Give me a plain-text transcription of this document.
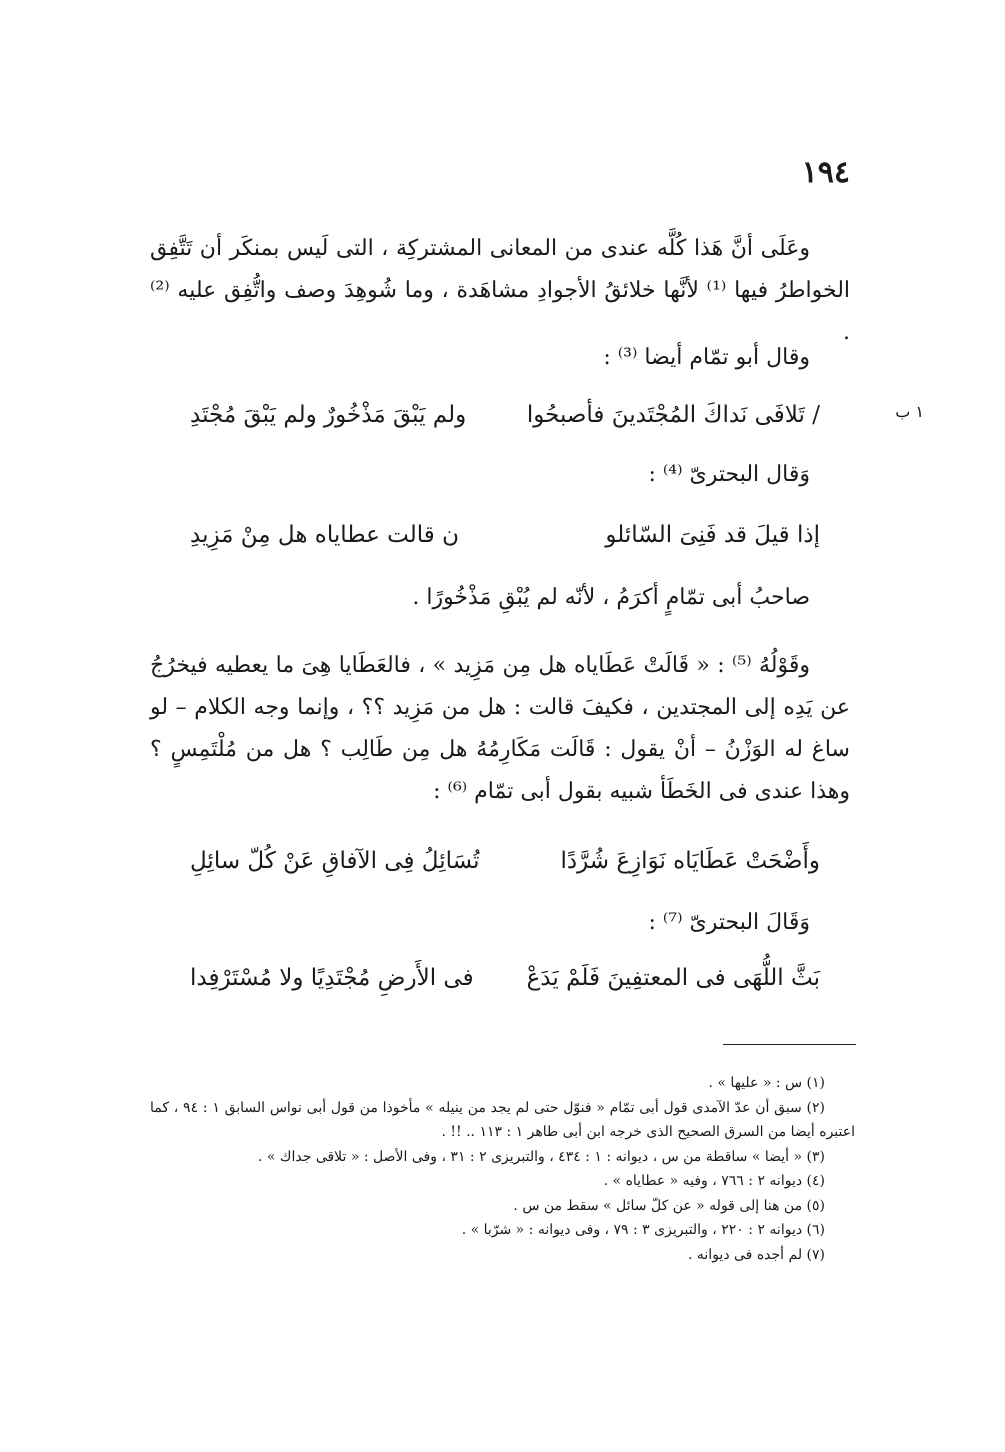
١٩٤
١ ب

وعَلَى أنَّ هَذا كُلَّه عندى من المعانى المشتركِة ، التى لَيس بمنكَر أن تَتَّفِق الخواطرُ فيها ⁽¹⁾ لأنَّها خلائقُ الأجوادِ مشاهَدة ، وما شُوهِدَ وصف واتُّفِق عليه ⁽²⁾ .

وقال أبو تمّام أيضا ⁽³⁾ :
/ تَلافَى نَداكَ المُجْتَدينَ فأصبحُوا
ولم يَبْقَ مَذْخُورٌ ولم يَبْقَ مُجْتَدِ
وَقال البحترىّ ⁽⁴⁾ :
إذا قيلَ قد فَنِىَ السّائلو
ن قالت عطاياه هل مِنْ مَزِيدِ
صاحبُ أبى تمّامٍ أكرَمُ ، لأنّه لم يُبْقِ مَذْخُورًا .

وقَوْلُهُ ⁽⁵⁾ : « قَالَتْ عَطَاياه هل مِن مَزِيد » ، فالعَطَايا هِىَ ما يعطيه فيخرُجُ عن يَدِه إلى المجتدين ، فكيفَ قالت : هل من مَزِيد ؟؟ ، وإنما وجه الكلام – لو ساغ له الوَزْنُ – أنْ يقول : قَالَت مَكَارِمُهُ هل مِن طَالِب ؟ هل من مُلْتَمِسٍ ؟ وهذا عندى فى الخَطَأ شبيه بقول أبى تمّام ⁽⁶⁾ :

وأَضْحَتْ عَطَايَاه نَوَازِعَ شُرَّدًا
تُسَائِلُ فِى الآفاقِ عَنْ كُلّ سائِلِ
وَقَالَ البحترىّ ⁽⁷⁾ :
بَثَّ اللُّهَى فى المعتفِينَ فَلَمْ يَدَعْ
فى الأَرضِ مُجْتَدِيًا ولا مُسْتَرْفِدا

(١) س : « عليها » .

(٢) سبق أن عدّ الآمدى قول أبى تمّام « فنوّل حتى لم يجد من ينيله » مأخوذا من قول أبى نواس السابق ١ : ٩٤ ، كما اعتبره أيضا من السرق الصحيح الذى خرجه ابن أبى طاهر ١ : ١١٣ .. !! .

(٣) « أيضا » ساقطة من س ، ديوانه : ١ : ٤٣٤ ، والتبريزى ٢ : ٣١ ، وفى الأصل : « تلاقى جداك » .

(٤) ديوانه ٢ : ٧٦٦ ، وفيه « عطاياه » .

(٥) من هنا إلى قوله « عن كلّ سائل » سقط من س .

(٦) ديوانه ٢ : ٢٢٠ ، والتبريزى ٣ : ٧٩ ، وفى ديوانه : « شرّبا » .

(٧) لم أجده فى ديوانه .
